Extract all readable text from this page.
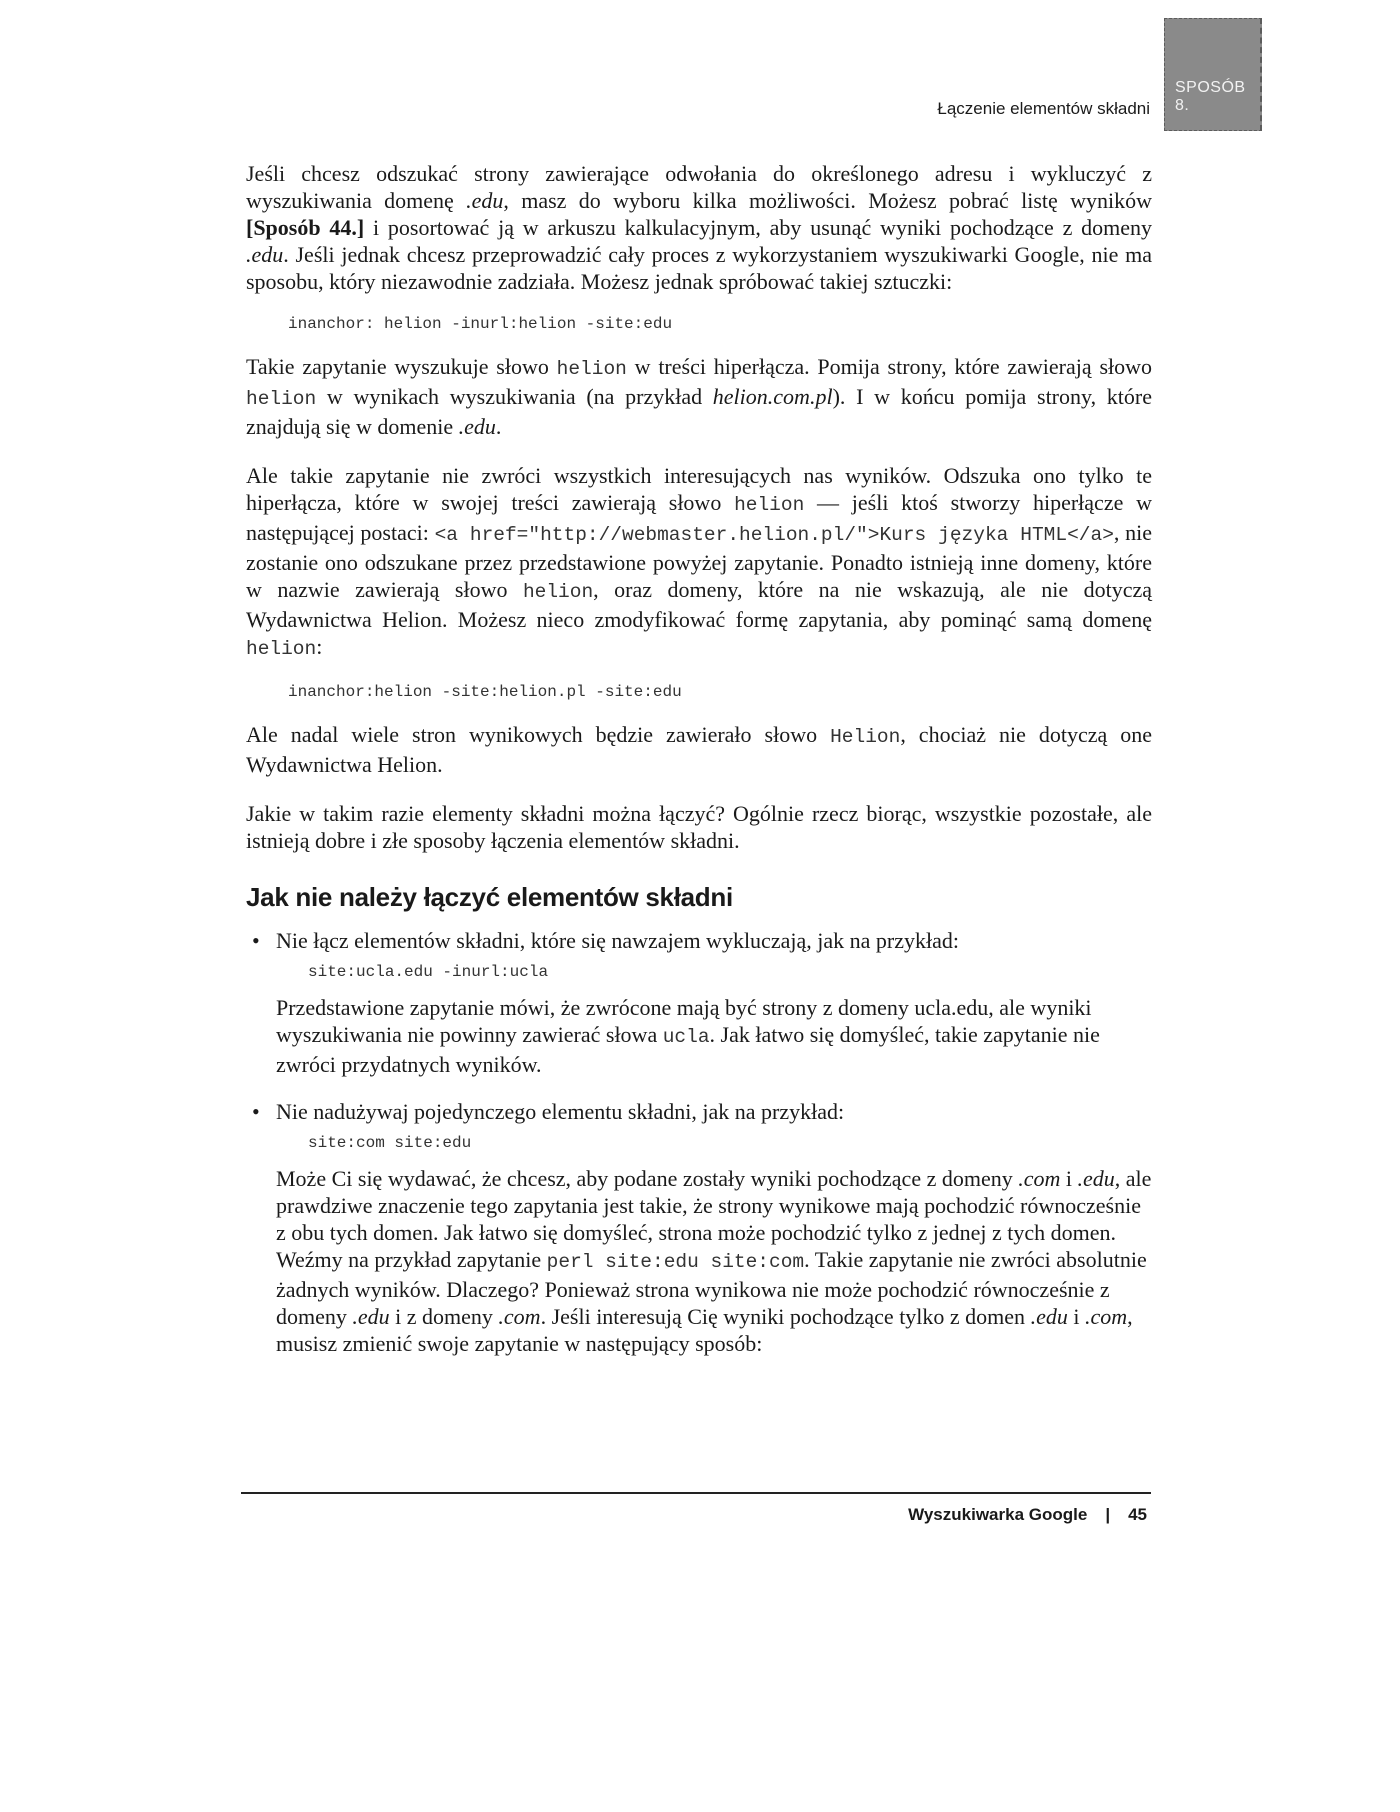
SPOSÓB
8.
Łączenie elementów składni

Jeśli chcesz odszukać strony zawierające odwołania do określonego adresu i wykluczyć z wyszukiwania domenę .edu, masz do wyboru kilka możliwości. Możesz pobrać listę wyników [Sposób 44.] i posortować ją w arkuszu kalkulacyjnym, aby usunąć wyniki pochodzące z domeny .edu. Jeśli jednak chcesz przeprowadzić cały proces z wykorzystaniem wyszukiwarki Google, nie ma sposobu, który niezawodnie zadziała. Możesz jednak spróbować takiej sztuczki:

inanchor: helion -inurl:helion -site:edu

Takie zapytanie wyszukuje słowo helion w treści hiperłącza. Pomija strony, które zawierają słowo helion w wynikach wyszukiwania (na przykład helion.com.pl). I w końcu pomija strony, które znajdują się w domenie .edu.

Ale takie zapytanie nie zwróci wszystkich interesujących nas wyników. Odszuka ono tylko te hiperłącza, które w swojej treści zawierają słowo helion — jeśli ktoś stworzy hiperłącze w następującej postaci: <a href="http://webmaster.helion.pl/">Kurs języka HTML</a>, nie zostanie ono odszukane przez przedstawione powyżej zapytanie. Ponadto istnieją inne domeny, które w nazwie zawierają słowo helion, oraz domeny, które na nie wskazują, ale nie dotyczą Wydawnictwa Helion. Możesz nieco zmodyfikować formę zapytania, aby pominąć samą domenę helion:

inanchor:helion -site:helion.pl -site:edu

Ale nadal wiele stron wynikowych będzie zawierało słowo Helion, chociaż nie dotyczą one Wydawnictwa Helion.

Jakie w takim razie elementy składni można łączyć? Ogólnie rzecz biorąc, wszystkie pozostałe, ale istnieją dobre i złe sposoby łączenia elementów składni.

Jak nie należy łączyć elementów składni
• Nie łącz elementów składni, które się nawzajem wykluczają, jak na przykład:

site:ucla.edu -inurl:ucla

Przedstawione zapytanie mówi, że zwrócone mają być strony z domeny ucla.edu, ale wyniki wyszukiwania nie powinny zawierać słowa ucla. Jak łatwo się domyśleć, takie zapytanie nie zwróci przydatnych wyników.

• Nie nadużywaj pojedynczego elementu składni, jak na przykład:

site:com site:edu

Może Ci się wydawać, że chcesz, aby podane zostały wyniki pochodzące z domeny .com i .edu, ale prawdziwe znaczenie tego zapytania jest takie, że strony wynikowe mają pochodzić równocześnie z obu tych domen. Jak łatwo się domyśleć, strona może pochodzić tylko z jednej z tych domen. Weźmy na przykład zapytanie perl site:edu site:com. Takie zapytanie nie zwróci absolutnie żadnych wyników. Dlaczego? Ponieważ strona wynikowa nie może pochodzić równocześnie z domeny .edu i z domeny .com. Jeśli interesują Cię wyniki pochodzące tylko z domen .edu i .com, musisz zmienić swoje zapytanie w następujący sposób:

Wyszukiwarka Google | 45
